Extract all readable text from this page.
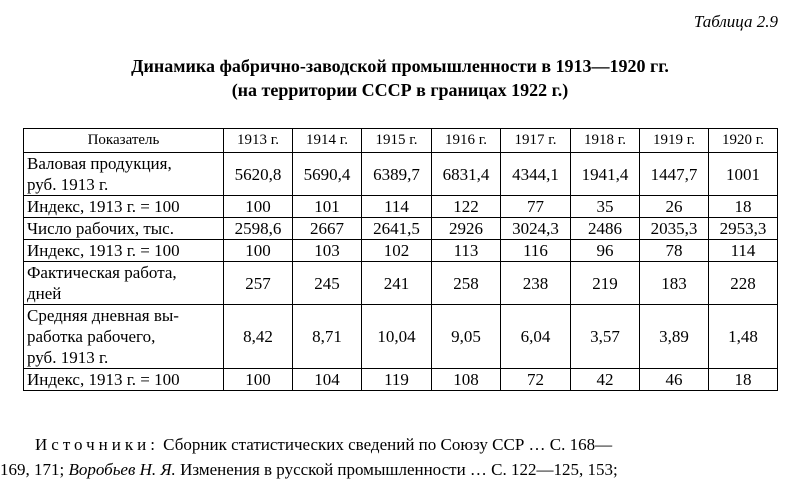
Таблица 2.9
Динамика фабрично-заводской промышленности в 1913—1920 гг.
(на территории СССР в границах 1922 г.)
Показатель	1913 г.	1914 г.	1915 г.	1916 г.	1917 г.	1918 г.	1919 г.	1920 г.

Валовая продукция,
руб. 1913 г.	5620,8	5690,4	6389,7	6831,4	4344,1	1941,4	1447,7	1001

Индекс, 1913 г. = 100	100	101	114	122	77	35	26	18

Число рабочих, тыс.	2598,6	2667	2641,5	2926	3024,3	2486	2035,3	2953,3

Индекс, 1913 г. = 100	100	103	102	113	116	96	78	114

Фактическая работа,
дней	257	245	241	258	238	219	183	228

Средняя дневная вы-
работка рабочего,
руб. 1913 г.	8,42	8,71	10,04	9,05	6,04	3,57	3,89	1,48

Индекс, 1913 г. = 100	100	104	119	108	72	42	46	18
Источники: Сборник статистических сведений по Союзу ССР … С. 168—
169, 171; Воробьев Н. Я. Изменения в русской промышленности … С. 122—125, 153;
